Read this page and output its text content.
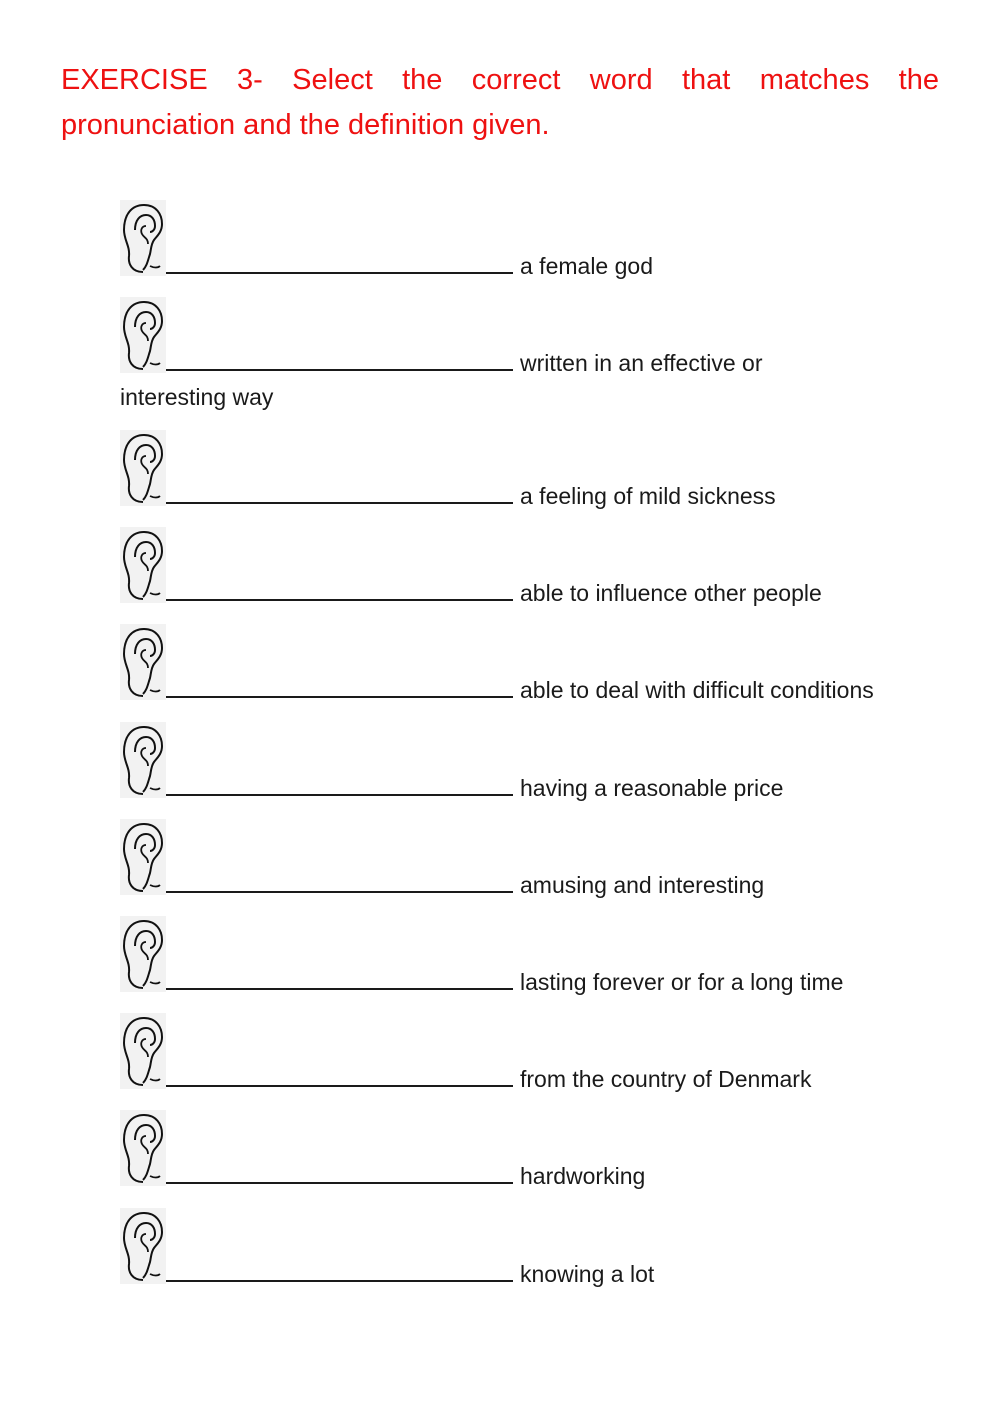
EXERCISE 3- Select the correct word that matches the pronunciation and the definition given.

a female god
written in an effective or
interesting way
a feeling of mild sickness
able to influence other people
able to deal with difficult conditions
having a reasonable price
amusing and interesting
lasting forever or for a long time
from the country of Denmark
hardworking
knowing a lot
